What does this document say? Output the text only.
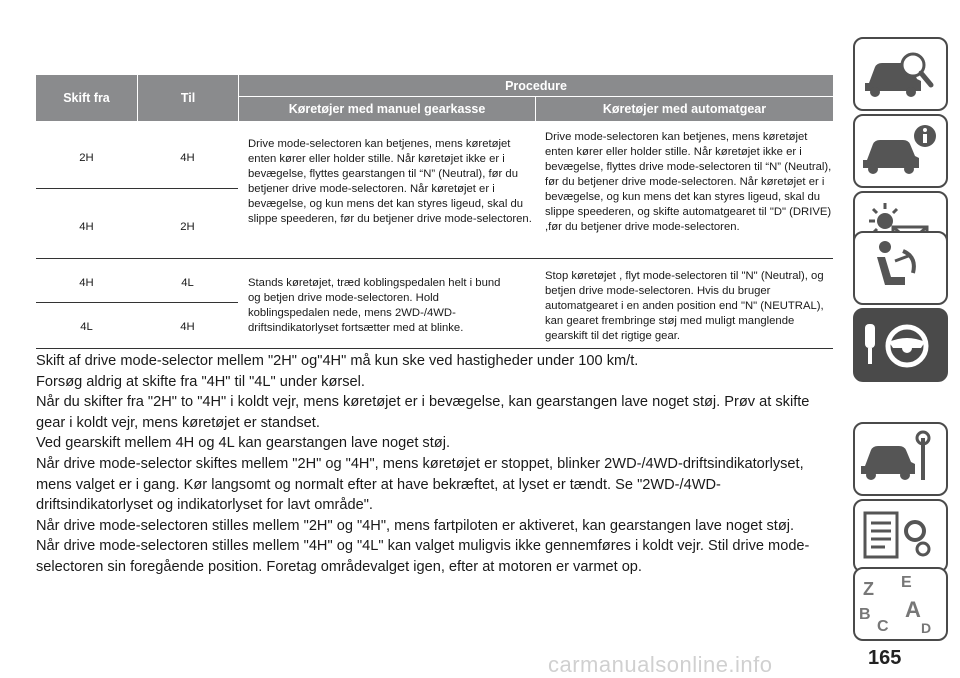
Skift fra	Til
Procedure
Køretøjer med manuel gearkasse	Køretøjer med automatgear
2H	4H
4H	2H
Drive mode-selectoren kan betjenes, mens køretøjet enten kører eller holder stille. Når køretøjet ikke er i bevægelse, flyttes gearstangen til “N” (Neutral), før du betjener drive mode-selectoren. Når køretøjet er i bevægelse, og kun mens det kan styres ligeud, skal du slippe speederen, før du betjener drive mode-selectoren.
Drive mode-selectoren kan betjenes, mens køretøjet enten kører eller holder stille. Når køretøjet ikke er i bevægelse, flyttes drive mode-selectoren til “N” (Neutral), før du betjener drive mode-selectoren. Når køretøjet er i bevægelse, og kun mens det kan styres ligeud, skal du slippe speederen, og skifte automatgearet til "D" (DRIVE) ,før du betjener drive mode-selectoren.
4H	4L
4L	4H
Stands køretøjet, træd koblingspedalen helt i bund og betjen drive mode-selectoren. Hold koblingspedalen nede, mens 2WD-/4WD-driftsindikatorlyset fortsætter med at blinke.
Stop køretøjet , flyt mode-selectoren til "N" (Neutral), og betjen drive mode-selectoren. Hvis du bruger automatgearet i en anden position end "N" (NEUTRAL), kan gearet frembringe støj med muligt manglende gearskift til det rigtige gear.

Skift af drive mode-selector mellem "2H" og"4H" må kun ske ved hastigheder under 100 km/t.

Forsøg aldrig at skifte fra "4H" til "4L" under kørsel.

Når du skifter fra "2H" to "4H" i koldt vejr, mens køretøjet er i bevægelse, kan gearstangen lave noget støj. Prøv at skifte gear i koldt vejr, mens køretøjet er standset.

Ved gearskift mellem 4H og 4L kan gearstangen lave noget støj.

Når drive mode-selector skiftes mellem "2H" og "4H", mens køretøjet er stoppet, blinker 2WD-/4WD-driftsindikatorlyset, mens valget er i gang. Kør langsomt og normalt efter at have bekræftet, at lyset er tændt. Se "2WD-/4WD-driftsindikatorlyset og indikatorlyset for lavt område".

Når drive mode-selectoren stilles mellem "2H" og "4H", mens fartpiloten er aktiveret, kan gearstangen lave noget støj.

Når drive mode-selectoren stilles mellem "4H" og "4L" kan valget muligvis ikke gennemføres i koldt vejr. Stil drive mode-selectoren sin foregående position. Foretag områdevalget igen, efter at motoren er varmet op.

Z E
B
C
A
D
carmanualsonline.info	165
